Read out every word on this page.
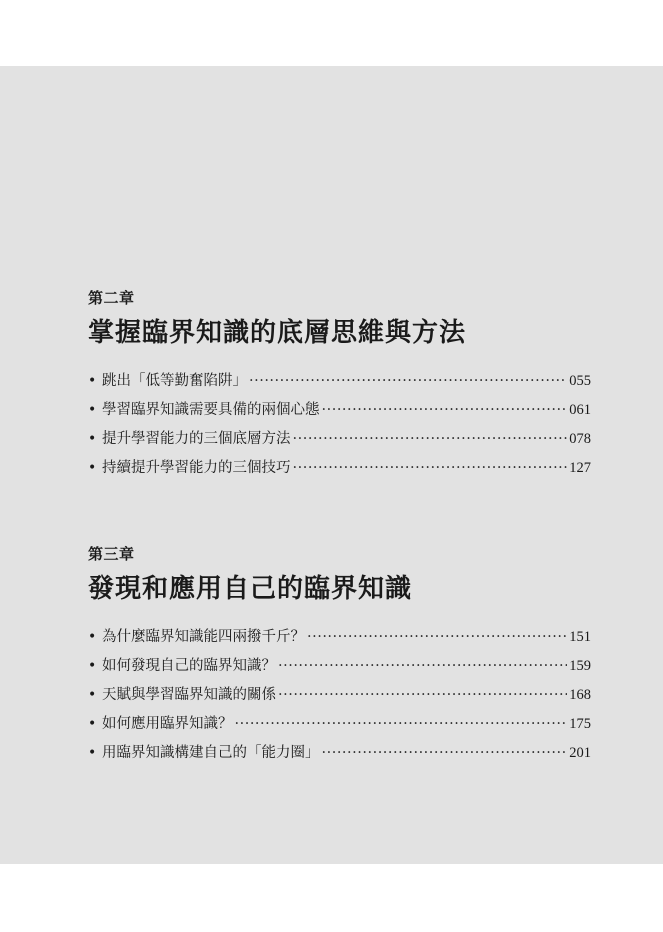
第二章
掌握臨界知識的底層思維與方法
• 跳出「低等勤奮陷阱」 ·····	055
• 學習臨界知識需要具備的兩個心態 ·····	061
• 提升學習能力的三個底層方法 ·····	078
• 持續提升學習能力的三個技巧 ·····	127
第三章
發現和應用自己的臨界知識
• 為什麼臨界知識能四兩撥千斤？ ·····	151
• 如何發現自己的臨界知識？ ·····	159
• 天賦與學習臨界知識的關係 ·····	168
• 如何應用臨界知識？ ·····	175
• 用臨界知識構建自己的「能力圈」 ·····	201
